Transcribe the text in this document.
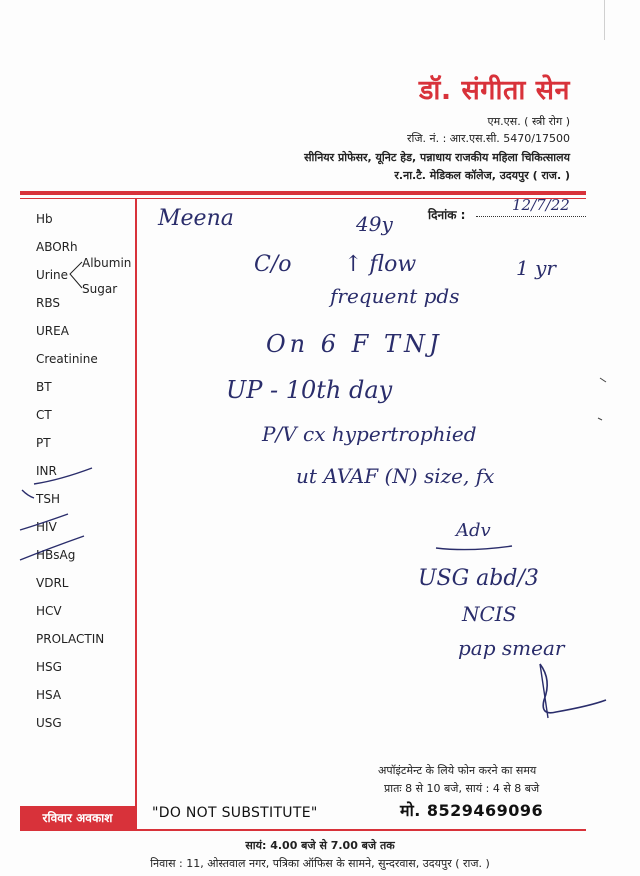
डॉ. संगीता सेन
एम.एस. ( स्त्री रोग )
रजि. नं. : आर.एस.सी. 5470/17500
सीनियर प्रोफेसर, यूनिट हेड, पन्नाधाय राजकीय महिला चिकित्सालय
र.ना.टै. मेडिकल कॉलेज, उदयपुर ( राज. )
Hb
ABORh
Urine
Albumin
Sugar
RBS
UREA
Creatinine
BT
CT
PT
INR
TSH
HIV
HBsAg
VDRL
HCV
PROLACTIN
HSG
HSA
USG
दिनांक :
12/7/22
Meena	49y
C/o ↑ flow	1 yr
frequent pds
On 6 F TNJ
UP - 10th day
P/V cx hypertrophied
ut AVAF (N) size, fx
Adv
USG abd/3
NCIS
pap smear
अपॉइंटमेन्ट के लिये फोन करने का समय
प्रातः 8 से 10 बजे, सायं : 4 से 8 बजे
मो. 8529469096
रविवार अवकाश	"DO NOT SUBSTITUTE"
सायं: 4.00 बजे से 7.00 बजे तक
निवास : 11, ओस्तवाल नगर, पत्रिका ऑफिस के सामने, सुन्दरवास, उदयपुर ( राज. )
